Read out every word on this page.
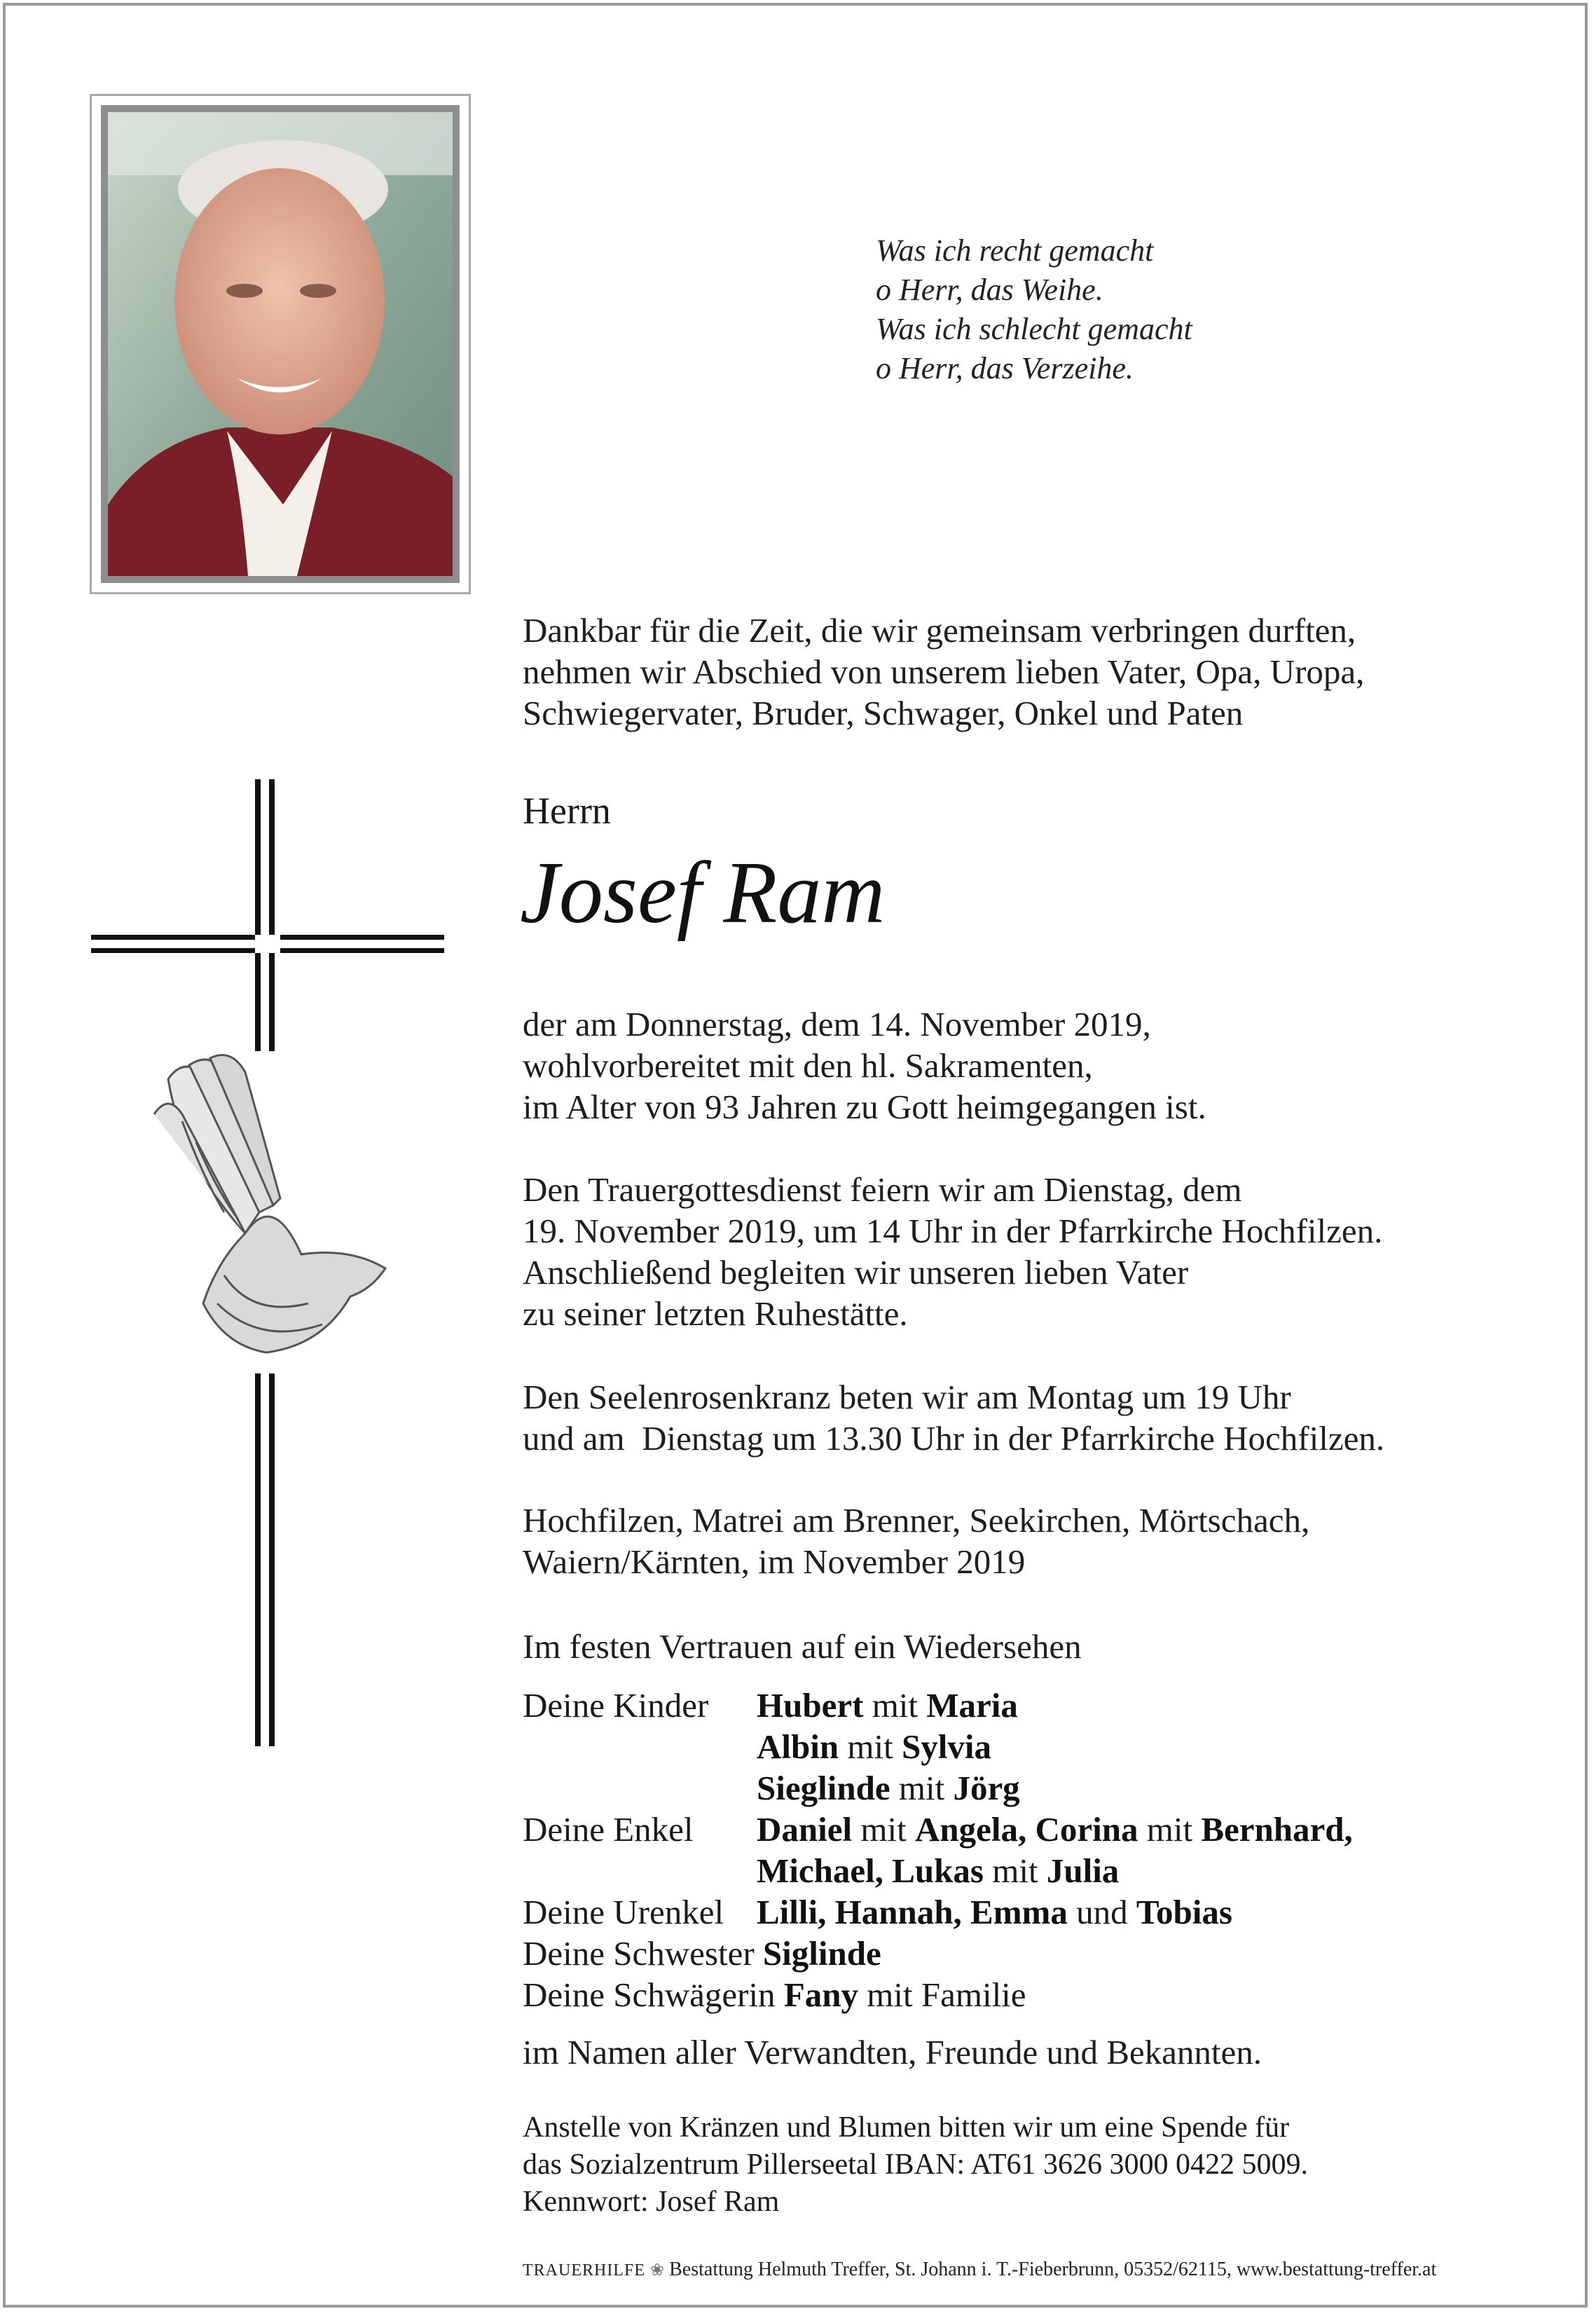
Was ich recht gemacht
o Herr, das Weihe.
Was ich schlecht gemacht
o Herr, das Verzeihe.
Dankbar für die Zeit, die wir gemeinsam verbringen durften,
nehmen wir Abschied von unserem lieben Vater, Opa, Uropa,
Schwiegervater, Bruder, Schwager, Onkel und Paten
Herrn
Josef Ram
der am Donnerstag, dem 14. November 2019,
wohlvorbereitet mit den hl. Sakramenten,
im Alter von 93 Jahren zu Gott heimgegangen ist.
Den Trauergottesdienst feiern wir am Dienstag, dem
19. November 2019, um 14 Uhr in der Pfarrkirche Hochfilzen.
Anschließend begleiten wir unseren lieben Vater
zu seiner letzten Ruhestätte.
Den Seelenrosenkranz beten wir am Montag um 19 Uhr
und am  Dienstag um 13.30 Uhr in der Pfarrkirche Hochfilzen.
Hochfilzen, Matrei am Brenner, Seekirchen, Mörtschach,
Waiern/Kärnten, im November 2019
Im festen Vertrauen auf ein Wiedersehen
Deine Kinder Hubert mit Maria
Albin mit Sylvia
Sieglinde mit Jörg
Deine Enkel Daniel mit Angela, Corina mit Bernhard,
Michael, Lukas mit Julia
Deine Urenkel Lilli, Hannah, Emma und Tobias
Deine Schwester Siglinde
Deine Schwägerin Fany mit Familie
im Namen aller Verwandten, Freunde und Bekannten.
Anstelle von Kränzen und Blumen bitten wir um eine Spende für
das Sozialzentrum Pillerseetal IBAN: AT61 3626 3000 0422 5009.
Kennwort: Josef Ram
TRAUERHILFE ❀ Bestattung Helmuth Treffer, St. Johann i. T.-Fieberbrunn, 05352/62115, www.bestattung-treffer.at
